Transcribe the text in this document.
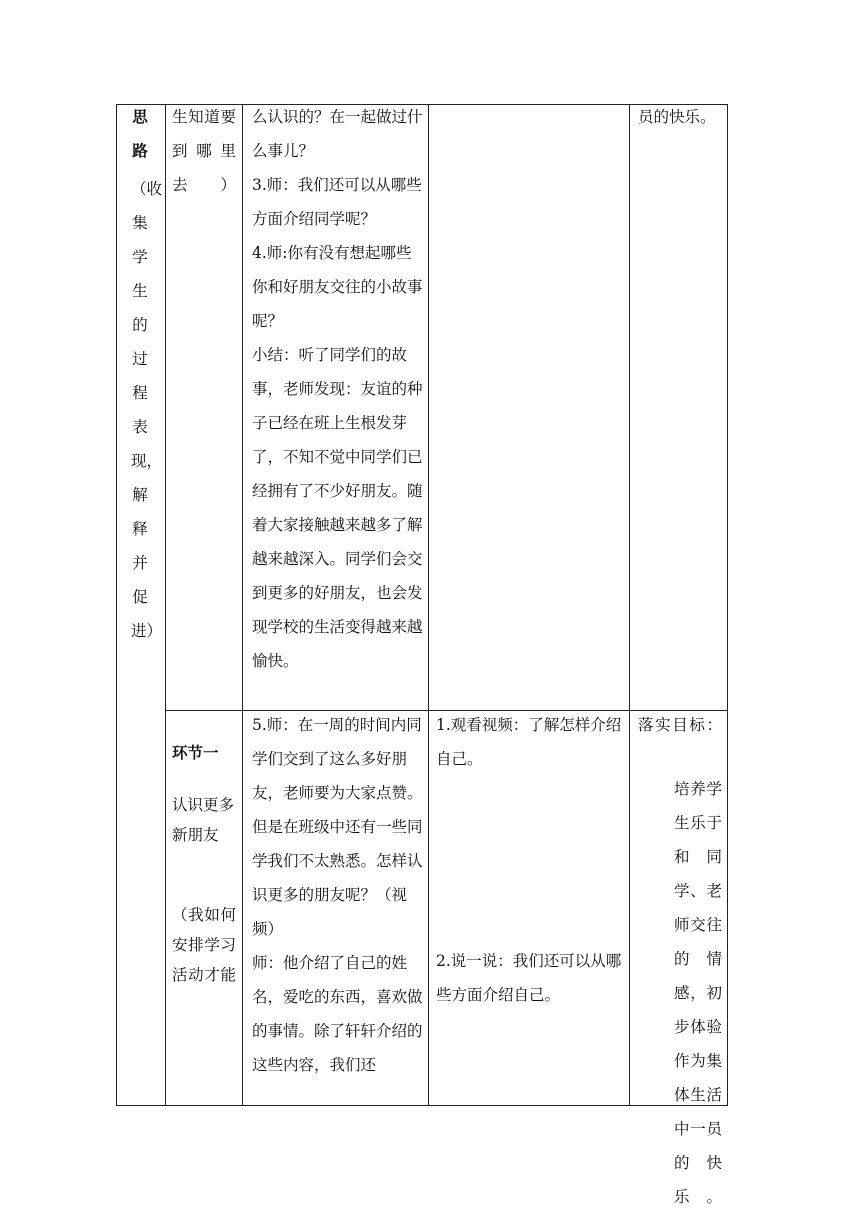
思路
（收集学生的过程表现，解释并促进）
生知道要到哪里去）
环节一
认识更多新朋友
（我如何安排学习活动才能
么认识的？在一起做过什么事儿？
3.师：我们还可以从哪些方面介绍同学呢？
4.师:你有没有想起哪些你和好朋友交往的小故事呢？
小结：听了同学们的故事，老师发现：友谊的种子已经在班上生根发芽了，不知不觉中同学们已经拥有了不少好朋友。随着大家接触越来越多了解越来越深入。同学们会交到更多的好朋友，也会发现学校的生活变得越来越愉快。
5.师：在一周的时间内同学们交到了这么多好朋友，老师要为大家点赞。但是在班级中还有一些同学我们不太熟悉。怎样认识更多的朋友呢？（视频）
师：他介绍了自己的姓名，爱吃的东西，喜欢做的事情。除了轩轩介绍的这些内容，我们还
1.观看视频：了解怎样介绍自己。
2.说一说：我们还可以从哪些方面介绍自己。
员的快乐。
落实目标：
培养学生乐于和同学、老师交往的情感，初步体验作为集体生活中一员的快乐。
